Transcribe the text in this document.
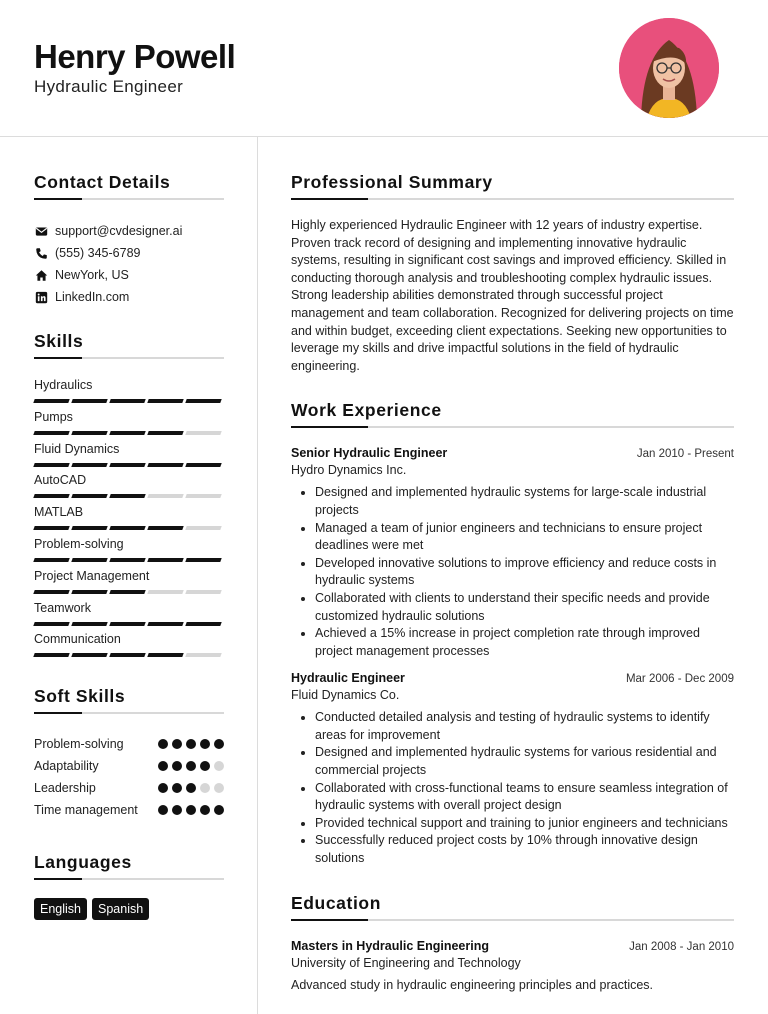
Henry Powell
Hydraulic Engineer
Contact Details
support@cvdesigner.ai
(555) 345-6789
NewYork, US
LinkedIn.com
Skills
Hydraulics
Pumps
Fluid Dynamics
AutoCAD
MATLAB
Problem-solving
Project Management
Teamwork
Communication
Soft Skills
Problem-solving
Adaptability
Leadership
Time management
Languages
English	Spanish
Professional Summary

Highly experienced Hydraulic Engineer with 12 years of industry expertise. Proven track record of designing and implementing innovative hydraulic systems, resulting in significant cost savings and improved efficiency. Skilled in conducting thorough analysis and troubleshooting complex hydraulic issues. Strong leadership abilities demonstrated through successful project management and team collaboration. Recognized for delivering projects on time and within budget, exceeding client expectations. Seeking new opportunities to leverage my skills and drive impactful solutions in the field of hydraulic engineering.

Work Experience
Senior Hydraulic Engineer	Jan 2010 - Present
Hydro Dynamics Inc.
Designed and implemented hydraulic systems for large-scale industrial projects
Managed a team of junior engineers and technicians to ensure project deadlines were met
Developed innovative solutions to improve efficiency and reduce costs in hydraulic systems
Collaborated with clients to understand their specific needs and provide customized hydraulic solutions
Achieved a 15% increase in project completion rate through improved project management processes
Hydraulic Engineer	Mar 2006 - Dec 2009
Fluid Dynamics Co.
Conducted detailed analysis and testing of hydraulic systems to identify areas for improvement
Designed and implemented hydraulic systems for various residential and commercial projects
Collaborated with cross-functional teams to ensure seamless integration of hydraulic systems with overall project design
Provided technical support and training to junior engineers and technicians
Successfully reduced project costs by 10% through innovative design solutions
Education
Masters in Hydraulic Engineering	Jan 2008 - Jan 2010
University of Engineering and Technology
Advanced study in hydraulic engineering principles and practices.
